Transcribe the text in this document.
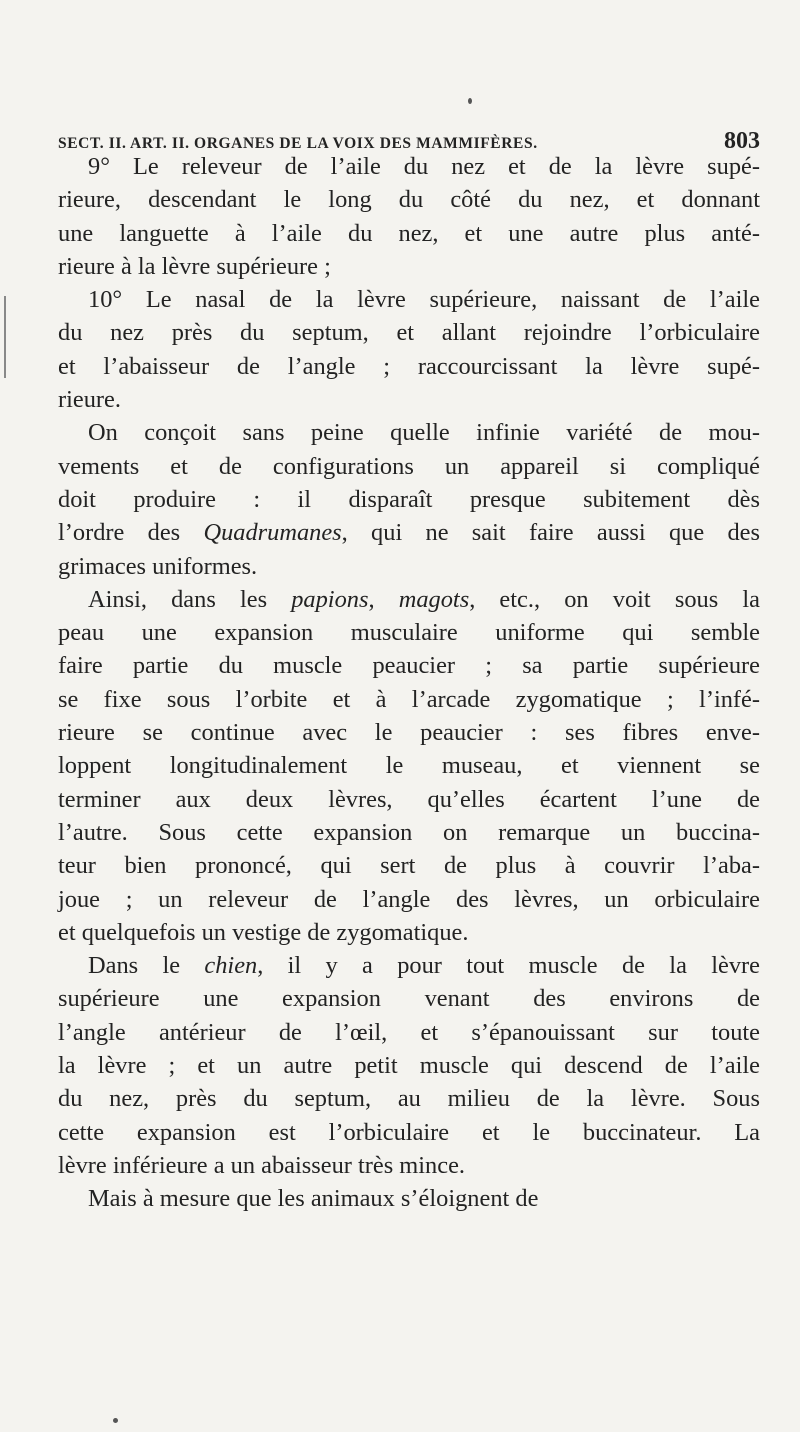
SECT. II. ART. II. ORGANES DE LA VOIX DES MAMMIFÈRES.	803
9° Le releveur de l’aile du nez et de la lèvre supé-
rieure, descendant le long du côté du nez, et donnant
une languette à l’aile du nez, et une autre plus anté-
rieure à la lèvre supérieure ;
10° Le nasal de la lèvre supérieure, naissant de l’aile
du nez près du septum, et allant rejoindre l’orbiculaire
et l’abaisseur de l’angle ; raccourcissant la lèvre supé-
rieure.
On conçoit sans peine quelle infinie variété de mou-
vements et de configurations un appareil si compliqué
doit produire : il disparaît presque subitement dès
l’ordre des Quadrumanes, qui ne sait faire aussi que des
grimaces uniformes.
Ainsi, dans les papions, magots, etc., on voit sous la
peau une expansion musculaire uniforme qui semble
faire partie du muscle peaucier ; sa partie supérieure
se fixe sous l’orbite et à l’arcade zygomatique ; l’infé-
rieure se continue avec le peaucier : ses fibres enve-
loppent longitudinalement le museau, et viennent se
terminer aux deux lèvres, qu’elles écartent l’une de
l’autre. Sous cette expansion on remarque un buccina-
teur bien prononcé, qui sert de plus à couvrir l’aba-
joue ; un releveur de l’angle des lèvres, un orbiculaire
et quelquefois un vestige de zygomatique.
Dans le chien, il y a pour tout muscle de la lèvre
supérieure une expansion venant des environs de
l’angle antérieur de l’œil, et s’épanouissant sur toute
la lèvre ; et un autre petit muscle qui descend de l’aile
du nez, près du septum, au milieu de la lèvre. Sous
cette expansion est l’orbiculaire et le buccinateur. La
lèvre inférieure a un abaisseur très mince.
Mais à mesure que les animaux s’éloignent de
